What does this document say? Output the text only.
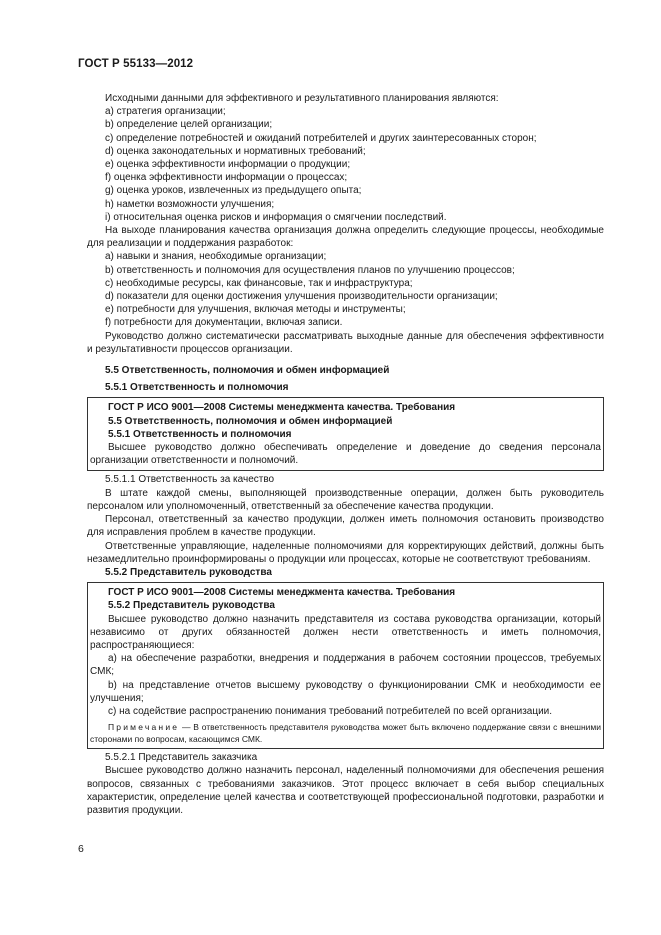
ГОСТ Р 55133—2012

Исходными данными для эффективного и результативного планирования являются:

а) стратегия организации;

b) определение целей организации;

с) определение потребностей и ожиданий потребителей и других заинтересованных сторон;

d) оценка законодательных и нормативных требований;

е) оценка эффективности информации о продукции;

f) оценка эффективности информации о процессах;

g) оценка уроков, извлеченных из предыдущего опыта;

h) наметки возможности улучшения;

i) относительная оценка рисков и информация о смягчении последствий.

На выходе планирования качества организация должна определить следующие процессы, необходимые для реализации и поддержания разработок:

а) навыки и знания, необходимые организации;

b) ответственность и полномочия для осуществления планов по улучшению процессов;

с) необходимые ресурсы, как финансовые, так и инфраструктура;

d) показатели для оценки достижения улучшения производительности организации;

е) потребности для улучшения, включая методы и инструменты;

f) потребности для документации, включая записи.

Руководство должно систематически рассматривать выходные данные для обеспечения эффективности и результативности процессов организации.

5.5 Ответственность, полномочия и обмен информацией

5.5.1 Ответственность и полномочия

ГОСТ Р ИСО 9001—2008 Системы менеджмента качества. Требования

5.5 Ответственность, полномочия и обмен информацией

5.5.1 Ответственность и полномочия

Высшее руководство должно обеспечивать определение и доведение до сведения персонала организации ответственности и полномочий.

5.5.1.1 Ответственность за качество

В штате каждой смены, выполняющей производственные операции, должен быть руководитель персоналом или уполномоченный, ответственный за обеспечение качества продукции.

Персонал, ответственный за качество продукции, должен иметь полномочия остановить производство для исправления проблем в качестве продукции.

Ответственные управляющие, наделенные полномочиями для корректирующих действий, должны быть незамедлительно проинформированы о продукции или процессах, которые не соответствуют требованиям.

5.5.2 Представитель руководства

ГОСТ Р ИСО 9001—2008 Системы менеджмента качества. Требования

5.5.2 Представитель руководства

Высшее руководство должно назначить представителя из состава руководства организации, который независимо от других обязанностей должен нести ответственность и иметь полномочия, распространяющиеся:

а) на обеспечение разработки, внедрения и поддержания в рабочем состоянии процессов, требуемых СМК;

b) на представление отчетов высшему руководству о функционировании СМК и необходимости ее улучшения;

с) на содействие распространению понимания требований потребителей по всей организации.

Примечание — В ответственность представителя руководства может быть включено поддержание связи с внешними сторонами по вопросам, касающимся СМК.

5.5.2.1 Представитель заказчика

Высшее руководство должно назначить персонал, наделенный полномочиями для обеспечения решения вопросов, связанных с требованиями заказчиков. Этот процесс включает в себя выбор специальных характеристик, определение целей качества и соответствующей профессиональной подготовки, разработки и развития продукции.

6
